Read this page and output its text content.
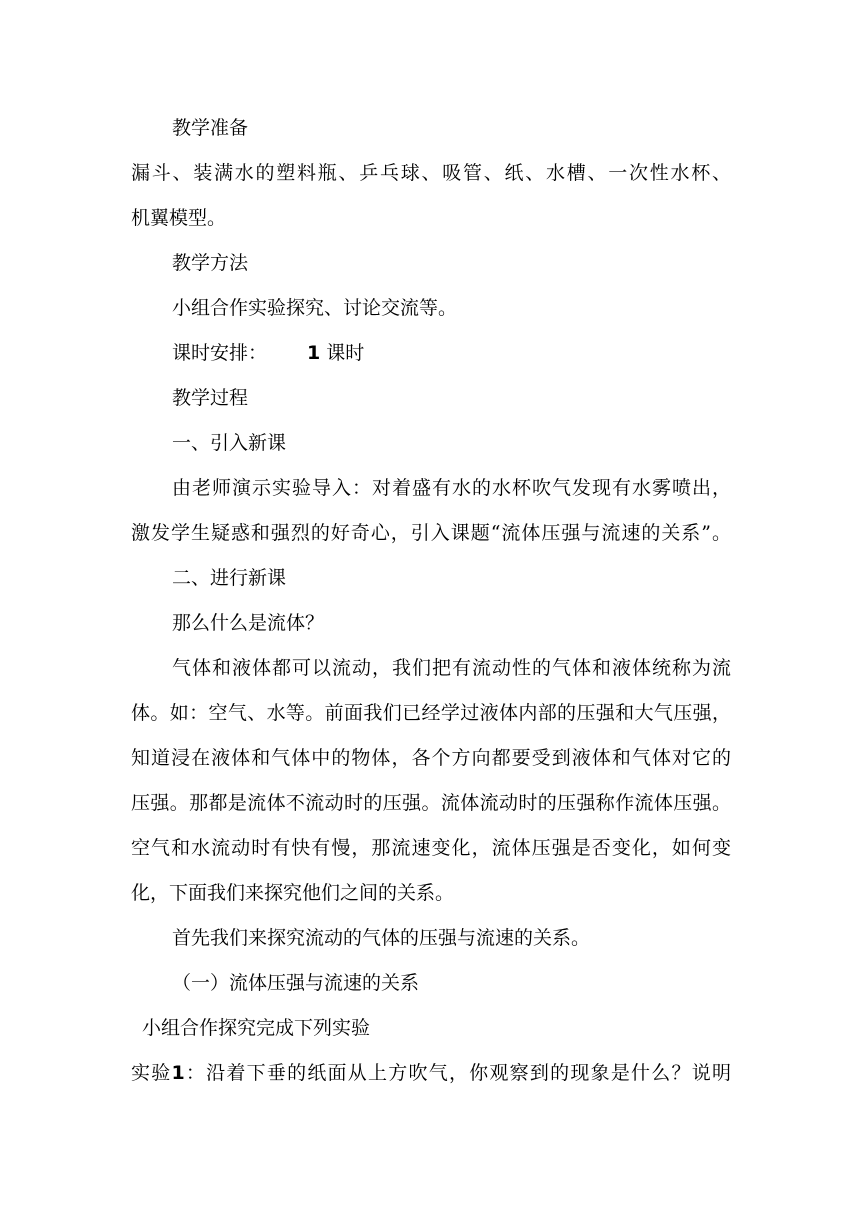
教学准备
漏斗、装满水的塑料瓶、乒乓球、吸管、纸、水槽、一次性水杯、
机翼模型。
教学方法
小组合作实验探究、讨论交流等。
课时安排： 1 课时
教学过程
一、引入新课
由老师演示实验导入：对着盛有水的水杯吹气发现有水雾喷出，
激发学生疑惑和强烈的好奇心，引入课题“流体压强与流速的关系”。
二、进行新课
那么什么是流体？
气体和液体都可以流动，我们把有流动性的气体和液体统称为流
体。如：空气、水等。前面我们已经学过液体内部的压强和大气压强，
知道浸在液体和气体中的物体，各个方向都要受到液体和气体对它的
压强。那都是流体不流动时的压强。流体流动时的压强称作流体压强。
空气和水流动时有快有慢，那流速变化，流体压强是否变化，如何变
化，下面我们来探究他们之间的关系。
首先我们来探究流动的气体的压强与流速的关系。
（一）流体压强与流速的关系
小组合作探究完成下列实验
实验1：沿着下垂的纸面从上方吹气，你观察到的现象是什么？说明
